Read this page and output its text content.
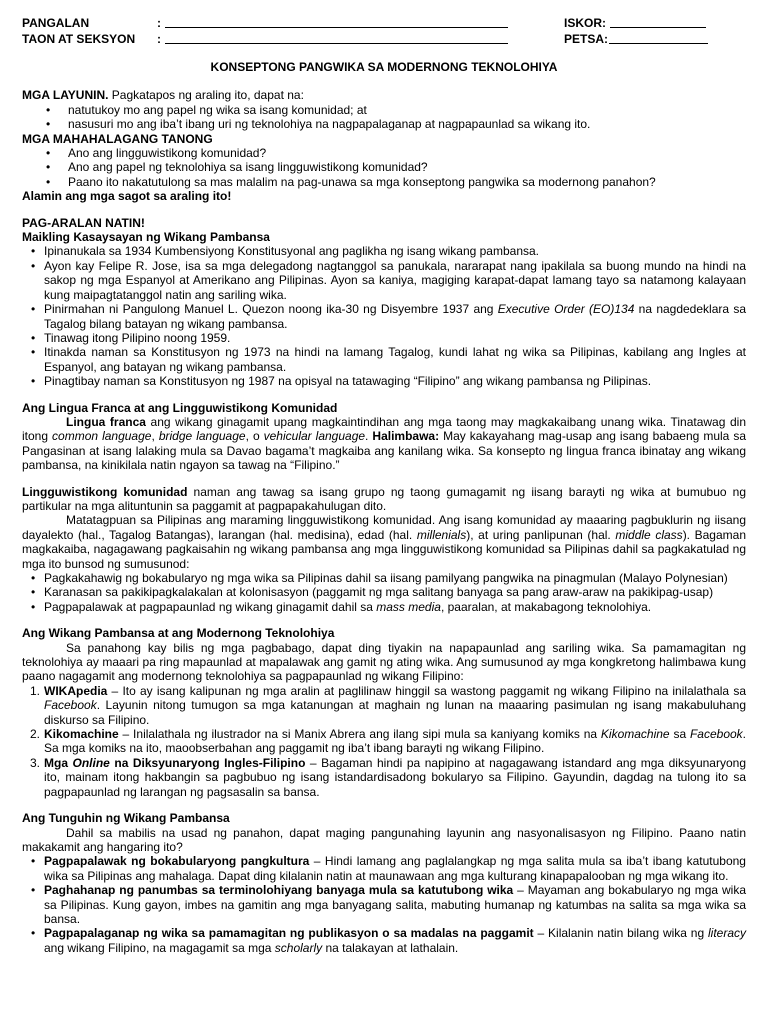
PANGALAN	:	ISKOR:
TAON AT SEKSYON :	PETSA:
KONSEPTONG PANGWIKA SA MODERNONG TEKNOLOHIYA

MGA LAYUNIN. Pagkatapos ng araling ito, dapat na:

• natutukoy mo ang papel ng wika sa isang komunidad; at
• nasusuri mo ang iba’t ibang uri ng teknolohiya na nagpapalaganap at nagpapaunlad sa wikang ito.

MGA MAHAHALAGANG TANONG

• Ano ang lingguwistikong komunidad?
• Ano ang papel ng teknolohiya sa isang lingguwistikong komunidad?
• Paano ito nakatutulong sa mas malalim na pag-unawa sa mga konseptong pangwika sa modernong panahon?

Alamin ang mga sagot sa araling ito!

PAG-ARALAN NATIN!

Maikling Kasaysayan ng Wikang Pambansa

• Ipinanukala sa 1934 Kumbensiyong Konstitusyonal ang paglikha ng isang wikang pambansa.
• Ayon kay Felipe R. Jose, isa sa mga delegadong nagtanggol sa panukala, nararapat nang ipakilala sa buong mundo na hindi na sakop ng mga Espanyol at Amerikano ang Pilipinas. Ayon sa kaniya, magiging karapat-dapat lamang tayo sa natamong kalayaan kung maipagtatanggol natin ang sariling wika.
• Pinirmahan ni Pangulong Manuel L. Quezon noong ika-30 ng Disyembre 1937 ang Executive Order (EO)134 na nagdedeklara sa Tagalog bilang batayan ng wikang pambansa.
• Tinawag itong Pilipino noong 1959.
• Itinakda naman sa Konstitusyon ng 1973 na hindi na lamang Tagalog, kundi lahat ng wika sa Pilipinas, kabilang ang Ingles at Espanyol, ang batayan ng wikang pambansa.
• Pinagtibay naman sa Konstitusyon ng 1987 na opisyal na tatawaging “Filipino” ang wikang pambansa ng Pilipinas.

Ang Lingua Franca at ang Lingguwistikong Komunidad

Lingua franca ang wikang ginagamit upang magkaintindihan ang mga taong may magkakaibang unang wika. Tinatawag din itong common language, bridge language, o vehicular language. Halimbawa: May kakayahang mag-usap ang isang babaeng mula sa Pangasinan at isang lalaking mula sa Davao bagama’t magkaiba ang kanilang wika. Sa konsepto ng lingua franca ibinatay ang wikang pambansa, na kinikilala natin ngayon sa tawag na “Filipino.”

Lingguwistikong komunidad naman ang tawag sa isang grupo ng taong gumagamit ng iisang barayti ng wika at bumubuo ng partikular na mga alituntunin sa paggamit at pagpapakahulugan dito.

Matatagpuan sa Pilipinas ang maraming lingguwistikong komunidad. Ang isang komunidad ay maaaring pagbuklurin ng iisang dayalekto (hal., Tagalog Batangas), larangan (hal. medisina), edad (hal. millenials), at uring panlipunan (hal. middle class). Bagaman magkakaiba, nagagawang pagkaisahin ng wikang pambansa ang mga lingguwistikong komunidad sa Pilipinas dahil sa pagkakatulad ng mga ito bunsod ng sumusunod:

• Pagkakahawig ng bokabularyo ng mga wika sa Pilipinas dahil sa iisang pamilyang pangwika na pinagmulan (Malayo Polynesian)
• Karanasan sa pakikipagkalakalan at kolonisasyon (paggamit ng mga salitang banyaga sa pang araw-araw na pakikipag-usap)
• Pagpapalawak at pagpapaunlad ng wikang ginagamit dahil sa mass media, paaralan, at makabagong teknolohiya.

Ang Wikang Pambansa at ang Modernong Teknolohiya

Sa panahong kay bilis ng mga pagbabago, dapat ding tiyakin na napapaunlad ang sariling wika. Sa pamamagitan ng teknolohiya ay maaari pa ring mapaunlad at mapalawak ang gamit ng ating wika. Ang sumusunod ay mga kongkretong halimbawa kung paano nagagamit ang modernong teknolohiya sa pagpapaunlad ng wikang Filipino:

1. WIKApedia – Ito ay isang kalipunan ng mga aralin at paglilinaw hinggil sa wastong paggamit ng wikang Filipino na inilalathala sa Facebook. Layunin nitong tumugon sa mga katanungan at maghain ng lunan na maaaring pasimulan ng isang makabuluhang diskurso sa Filipino.
2. Kikomachine – Inilalathala ng ilustrador na si Manix Abrera ang ilang sipi mula sa kaniyang komiks na Kikomachine sa Facebook. Sa mga komiks na ito, maoobserbahan ang paggamit ng iba’t ibang barayti ng wikang Filipino.
3. Mga Online na Diksyunaryong Ingles-Filipino – Bagaman hindi pa napipino at nagagawang istandard ang mga diksyunaryong ito, mainam itong hakbangin sa pagbubuo ng isang istandardisadong bokularyo sa Filipino. Gayundin, dagdag na tulong ito sa pagpapaunlad ng larangan ng pagsasalin sa bansa.

Ang Tunguhin ng Wikang Pambansa

Dahil sa mabilis na usad ng panahon, dapat maging pangunahing layunin ang nasyonalisasyon ng Filipino. Paano natin makakamit ang hangaring ito?

• Pagpapalawak ng bokabularyong pangkultura – Hindi lamang ang paglalangkap ng mga salita mula sa iba’t ibang katutubong wika sa Pilipinas ang mahalaga. Dapat ding kilalanin natin at maunawaan ang mga kulturang kinapapalooban ng mga wikang ito.
• Paghahanap ng panumbas sa terminolohiyang banyaga mula sa katutubong wika – Mayaman ang bokabularyo ng mga wika sa Pilipinas. Kung gayon, imbes na gamitin ang mga banyagang salita, mabuting humanap ng katumbas na salita sa mga wika sa bansa.
• Pagpapalaganap ng wika sa pamamagitan ng publikasyon o sa madalas na paggamit – Kilalanin natin bilang wika ng literacy ang wikang Filipino, na magagamit sa mga scholarly na talakayan at lathalain.
